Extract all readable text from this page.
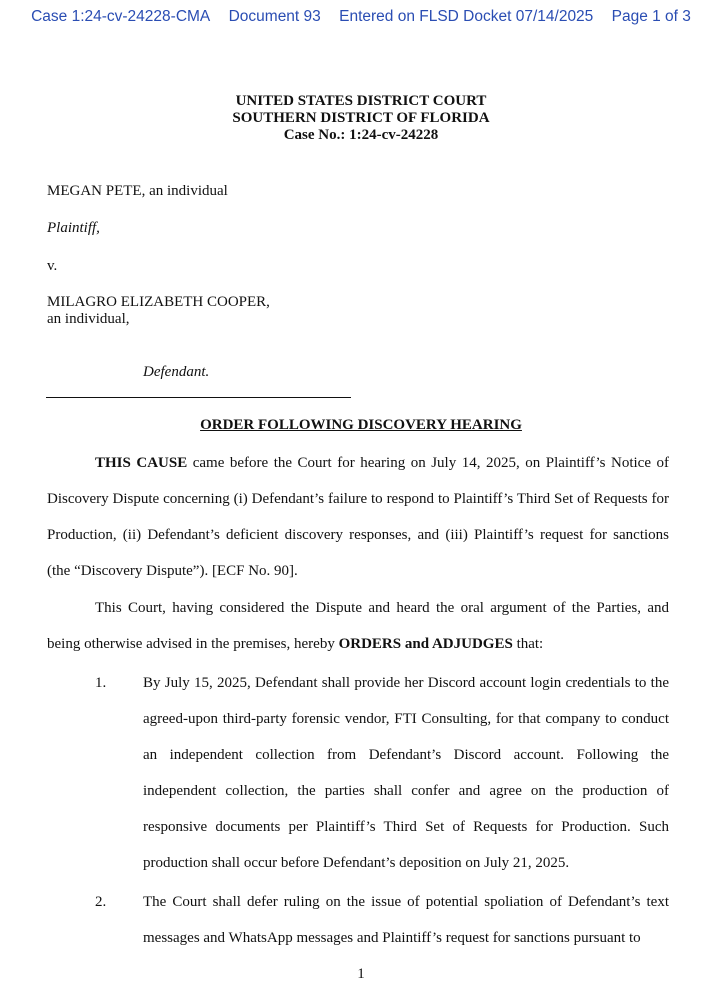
Case 1:24-cv-24228-CMA Document 93 Entered on FLSD Docket 07/14/2025 Page 1 of 3
UNITED STATES DISTRICT COURT
SOUTHERN DISTRICT OF FLORIDA
Case No.: 1:24-cv-24228
MEGAN PETE, an individual
Plaintiff,
v.
MILAGRO ELIZABETH COOPER,
an individual,
Defendant.
ORDER FOLLOWING DISCOVERY HEARING
THIS CAUSE came before the Court for hearing on July 14, 2025, on Plaintiff’s Notice of Discovery Dispute concerning (i) Defendant’s failure to respond to Plaintiff’s Third Set of Requests for Production, (ii) Defendant’s deficient discovery responses, and (iii) Plaintiff’s request for sanctions (the “Discovery Dispute”). [ECF No. 90].
This Court, having considered the Dispute and heard the oral argument of the Parties, and being otherwise advised in the premises, hereby ORDERS and ADJUDGES that:
1. By July 15, 2025, Defendant shall provide her Discord account login credentials to the agreed-upon third-party forensic vendor, FTI Consulting, for that company to conduct an independent collection from Defendant’s Discord account. Following the independent collection, the parties shall confer and agree on the production of responsive documents per Plaintiff’s Third Set of Requests for Production. Such production shall occur before Defendant’s deposition on July 21, 2025.
2. The Court shall defer ruling on the issue of potential spoliation of Defendant’s text messages and WhatsApp messages and Plaintiff’s request for sanctions pursuant to
1
